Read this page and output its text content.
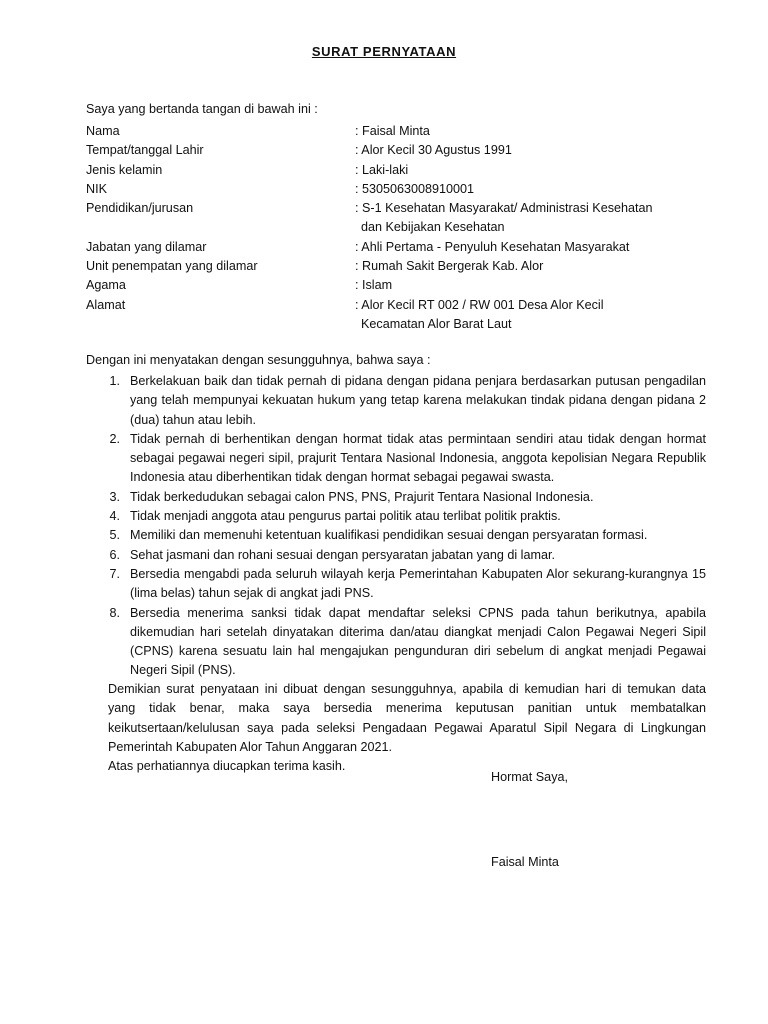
SURAT PERNYATAAN
Saya yang bertanda tangan di bawah ini :
Nama	: Faisal Minta
Tempat/tanggal Lahir	: Alor Kecil 30 Agustus 1991
Jenis kelamin	: Laki-laki
NIK	: 5305063008910001
Pendidikan/jurusan	: S-1 Kesehatan Masyarakat/ Administrasi Kesehatan
dan Kebijakan Kesehatan
Jabatan yang dilamar	: Ahli Pertama - Penyuluh Kesehatan Masyarakat
Unit penempatan yang dilamar	: Rumah Sakit Bergerak Kab. Alor
Agama	: Islam
Alamat	: Alor Kecil RT 002 / RW 001 Desa Alor Kecil
Kecamatan Alor Barat Laut
Dengan ini menyatakan dengan sesungguhnya, bahwa saya :
1. Berkelakuan baik dan tidak pernah di pidana dengan pidana penjara berdasarkan putusan pengadilan yang telah mempunyai kekuatan hukum yang tetap karena melakukan tindak pidana dengan pidana 2 (dua) tahun atau lebih.
2. Tidak pernah di berhentikan dengan hormat tidak atas permintaan sendiri atau tidak dengan hormat sebagai pegawai negeri sipil, prajurit Tentara Nasional Indonesia, anggota kepolisian Negara Republik Indonesia atau diberhentikan tidak dengan hormat sebagai pegawai swasta.
3. Tidak berkedudukan sebagai calon PNS, PNS, Prajurit Tentara Nasional Indonesia.
4. Tidak menjadi anggota atau pengurus partai politik atau terlibat politik praktis.
5. Memiliki dan memenuhi ketentuan kualifikasi pendidikan sesuai dengan persyaratan formasi.
6. Sehat jasmani dan rohani sesuai dengan persyaratan jabatan yang di lamar.
7. Bersedia mengabdi pada seluruh wilayah kerja Pemerintahan Kabupaten Alor sekurang-kurangnya 15 (lima belas) tahun sejak di angkat jadi PNS.
8. Bersedia menerima sanksi tidak dapat mendaftar seleksi CPNS pada tahun berikutnya, apabila dikemudian hari setelah dinyatakan diterima dan/atau diangkat menjadi Calon Pegawai Negeri Sipil (CPNS) karena sesuatu lain hal mengajukan pengunduran diri sebelum di angkat menjadi Pegawai Negeri Sipil (PNS).

Demikian surat penyataan ini dibuat dengan sesungguhnya, apabila di kemudian hari di temukan data yang tidak benar, maka saya bersedia menerima keputusan panitian untuk membatalkan keikutsertaan/kelulusan saya pada seleksi Pengadaan Pegawai Aparatul Sipil Negara di Lingkungan Pemerintah Kabupaten Alor Tahun Anggaran 2021.

Atas perhatiannya diucapkan terima kasih.

Hormat Saya,
Faisal Minta
